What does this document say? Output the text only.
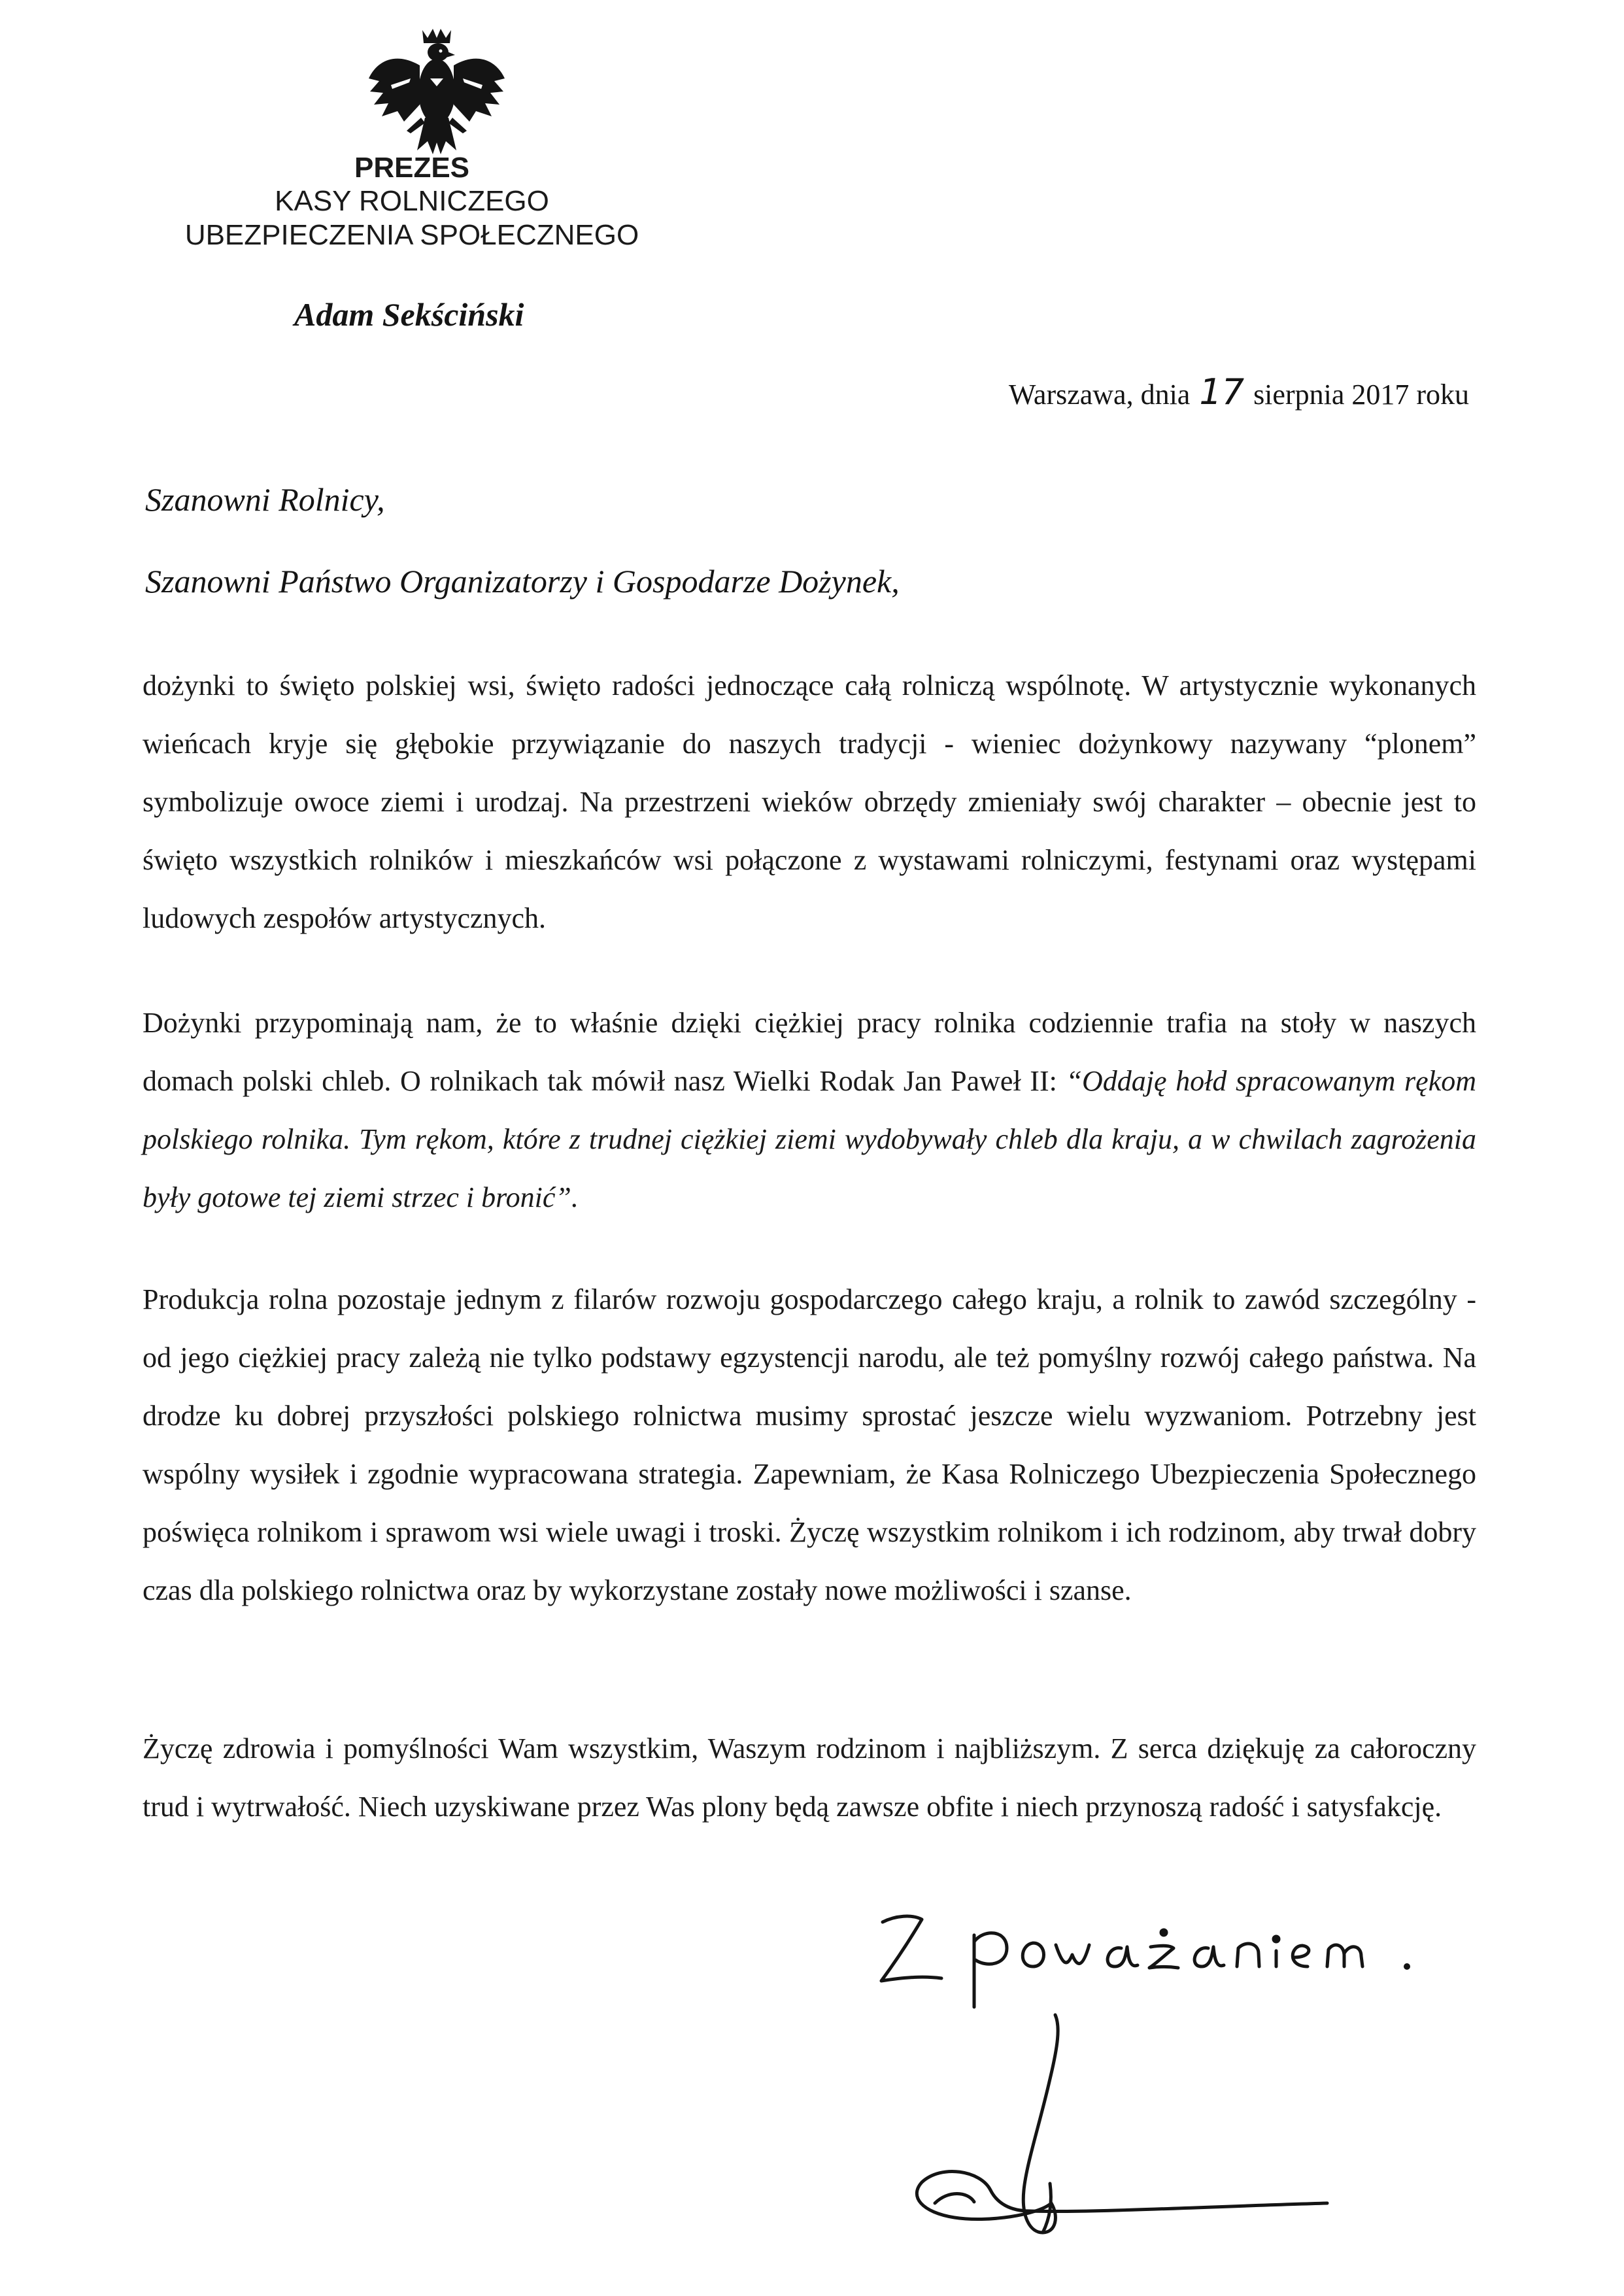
PREZES
KASY ROLNICZEGO
UBEZPIECZENIA SPOŁECZNEGO
Adam Sekściński
Warszawa, dnia 17 sierpnia 2017 roku
Szanowni Rolnicy,
Szanowni Państwo Organizatorzy i Gospodarze Dożynek,
dożynki to święto polskiej wsi, święto radości jednoczące całą rolniczą wspólnotę. W artystycznie wykonanych wieńcach kryje się głębokie przywiązanie do naszych tradycji - wieniec dożynkowy nazywany “plonem” symbolizuje owoce ziemi i urodzaj. Na przestrzeni wieków obrzędy zmieniały swój charakter – obecnie jest to święto wszystkich rolników i mieszkańców wsi połączone z wystawami rolniczymi, festynami oraz występami ludowych zespołów artystycznych.
Dożynki przypominają nam, że to właśnie dzięki ciężkiej pracy rolnika codziennie trafia na stoły w naszych domach polski chleb. O rolnikach tak mówił nasz Wielki Rodak Jan Paweł II: “Oddaję hołd spracowanym rękom polskiego rolnika. Tym rękom, które z trudnej ciężkiej ziemi wydobywały chleb dla kraju, a w chwilach zagrożenia były gotowe tej ziemi strzec i bronić”.
Produkcja rolna pozostaje jednym z filarów rozwoju gospodarczego całego kraju, a rolnik to zawód szczególny - od jego ciężkiej pracy zależą nie tylko podstawy egzystencji narodu, ale też pomyślny rozwój całego państwa. Na drodze ku dobrej przyszłości polskiego rolnictwa musimy sprostać jeszcze wielu wyzwaniom. Potrzebny jest wspólny wysiłek i zgodnie wypracowana strategia. Zapewniam, że Kasa Rolniczego Ubezpieczenia Społecznego poświęca rolnikom i sprawom wsi wiele uwagi i troski. Życzę wszystkim rolnikom i ich rodzinom, aby trwał dobry czas dla polskiego rolnictwa oraz by wykorzystane zostały nowe możliwości i szanse.
Życzę zdrowia i pomyślności Wam wszystkim, Waszym rodzinom i najbliższym. Z serca dziękuję za całoroczny trud i wytrwałość. Niech uzyskiwane przez Was plony będą zawsze obfite i niech przynoszą radość i satysfakcję.
